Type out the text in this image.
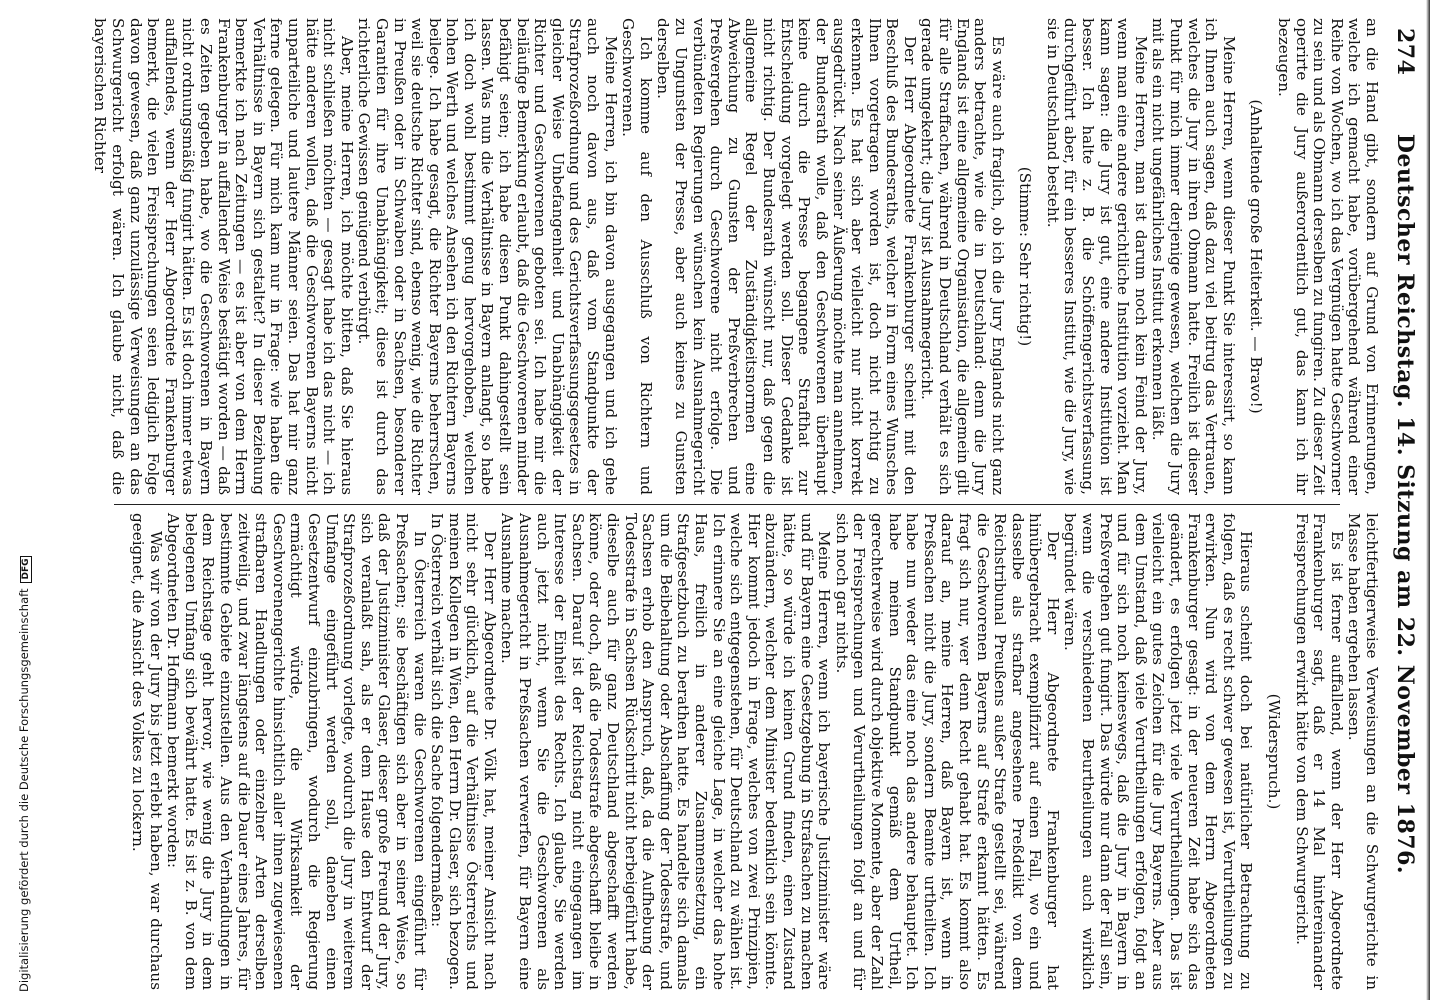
274
Deutscher Reichstag. 14. Sitzung am 22. November 1876.

an die Hand gibt, sondern auf Grund von Erinnerungen, welche ich gemacht habe, vorübergehend während einer Reihe von Wochen, wo ich das Vergnügen hatte Geschworner zu sein und als Obmann derselben zu fungiren. Zu dieser Zeit operirte die Jury außerordentlich gut, das kann ich ihr bezeugen.

(Anhaltende große Heiterkeit. — Bravo!)

Meine Herren, wenn dieser Punkt Sie interessirt, so kann ich Ihnen auch sagen, daß dazu viel beitrug das Vertrauen, welches die Jury in ihren Obmann hatte. Freilich ist dieser Punkt für mich immer derjenige gewesen, welchen die Jury mit als ein nicht ungefährliches Institut erkennen läßt.

Meine Herren, man ist darum noch kein Feind der Jury, wenn man eine andere gerichtliche Institution vorzieht. Man kann sagen: die Jury ist gut, eine andere Institution ist besser. Ich halte z. B. die Schöffengerichtsverfassung, durchgeführt aber, für ein besseres Institut, wie die Jury, wie sie in Deutschland besteht.

(Stimme: Sehr richtig!)

Es wäre auch fraglich, ob ich die Jury Englands nicht ganz anders betrachte, wie die in Deutschland: denn die Jury Englands ist eine allgemeine Organisation, die allgemein gilt für alle Straffachen, während in Deutschland verhält es sich gerade umgekehrt; die Jury ist Ausnahmegericht.

Der Herr Abgeordnete Frankenburger scheint mit den Beschluß des Bundesraths, welcher in Form eines Wunsches Ihnen vorgetragen worden ist, doch nicht richtig zu erkennen. Es hat sich aber vielleicht nur nicht korrekt ausgedrückt. Nach seiner Äußerung möchte man annehmen, der Bundesrath wolle, daß den Geschworenen überhaupt keine durch die Presse begangene Strafthat zur Entscheidung vorgelegt werden soll. Dieser Gedanke ist nicht richtig. Der Bundesrath wünscht nur, daß gegen die allgemeine Regel der Zuständigkeitsnormen eine Abweichung zu Gunsten der Preßverbrechen und Preßvergehen durch Geschworene nicht erfolge. Die verbündeten Regierungen wünschen kein Ausnahmegericht zu Ungunsten der Presse, aber auch keines zu Gunsten derselben.

Ich komme auf den Ausschluß von Richtern und Geschworenen.

Meine Herren, ich bin davon ausgegangen und ich gehe auch noch davon aus, daß vom Standpunkte der Strafprozeßordnung und des Gerichtsverfassungsgesetzes in gleicher Weise Unbefangenheit und Unabhängigkeit der Richter und Geschworenen geboten sei. Ich habe mir die beiläufige Bemerkung erlaubt, daß die Geschworenen minder befähigt seien; ich habe diesen Punkt dahingestellt sein lassen. Was nun die Verhältnisse in Bayern anlangt, so habe ich doch wohl bestimmt genug hervorgehoben, welchen hohen Werth und welches Ansehen ich den Richtern Bayerns beilege. Ich habe gesagt, die Richter Bayerns beherrschen, weil sie deutsche Richter sind, ebenso wenig, wie die Richter in Preußen oder in Schwaben oder in Sachsen, besonderer Garantien für ihre Unabhängigkeit; diese ist durch das richterliche Gewissen genügend verbürgt.

Aber, meine Herren, ich möchte bitten, daß Sie hieraus nicht schließen möchten — gesagt habe ich das nicht — ich hätte anderen wollen, daß die Geschworenen Bayerns nicht unparteiliche und lautere Männer seien. Das hat mir ganz ferne gelegen. Für mich kam nur in Frage: wie haben die Verhältnisse in Bayern sich gestaltet? In dieser Beziehung bemerkte ich nach Zeitungen — es ist aber von dem Herrn Frankenburger in auffallender Weise bestätigt worden — daß es Zeiten gegeben habe, wo die Geschworenen in Bayern nicht ordnungsmäßig fungirt hätten. Es ist doch immer etwas auffallendes, wenn der Herr Abgeordnete Frankenburger bemerkt, die vielen Freisprechungen seien lediglich Folge davon gewesen, daß ganz unzulässige Verweisungen an das Schwurgericht erfolgt wären. Ich glaube nicht, daß die bayerischen Richter

leichtfertigerweise Verweisungen an die Schwurgerichte in Masse haben ergehen lassen.

Es ist ferner auffallend, wenn der Herr Abgeordnete Frankenburger sagt, daß er 14 Mal hintereinander Freisprechungen erwirkt hätte von dem Schwurgericht.

(Widerspruch.)

Hieraus scheint doch bei natürlicher Betrachtung zu folgen, daß es recht schwer gewesen ist, Verurtheilungen zu erwirken. Nun wird von dem Herrn Abgeordneten Frankenburger gesagt: in der neueren Zeit habe sich das geändert, es erfolgen jetzt viele Verurtheilungen. Das ist vielleicht ein gutes Zeichen für die Jury Bayerns. Aber aus dem Umstand, daß viele Verurtheilungen erfolgen, folgt an und für sich noch keineswegs, daß die Jury in Bayern in Preßvergehen gut fungirt. Das würde nur dann der Fall sein, wenn die verschiedenen Beurtheilungen auch wirklich begründet wären.

Der Herr Abgeordnete Frankenburger hat hinübergebracht exemplifizirt auf einen Fall, wo ein und dasselbe als strafbar angesehene Preßdelikt von dem Reichstribunal Preußens außer Strafe gestellt sei, während die Geschworenen Bayerns auf Strafe erkannt hätten. Es fragt sich nur, wer denn Recht gehabt hat. Es kommt also darauf an, meine Herren, daß Bayern ist, wenn in Preßsachen nicht die Jury, sondern Beamte urtheilten. Ich habe nun weder das eine noch das andere behauptet. Ich habe meinen Standpunkt gemäß dem Urtheil, gerechterweise wird durch objektive Momente, aber der Zahl der Freisprechungen und Verurtheilungen folgt an und für sich noch gar nichts.

Meine Herren, wenn ich bayerische Justizminister wäre und für Bayern eine Gesetzgebung in Strafsachen zu machen hätte, so würde ich keinen Grund finden, einen Zustand abzuändern, welcher dem Minister bedenklich sein könnte. Hier kommt jedoch in Frage, welches von zwei Prinzipien, welche sich entgegenstehen, für Deutschland zu wählen ist. Ich erinnere Sie an eine gleiche Lage, in welcher das hohe Haus, freilich in anderer Zusammensetzung, ein Strafgesetzbuch zu berathen hatte. Es handelte sich damals um die Beibehaltung oder Abschaffung der Todesstrafe, und Sachsen erhob den Anspruch, daß, da die Aufhebung der Todesstrafe in Sachsen Rückschritt nicht herbeigeführt habe, dieselbe auch für ganz Deutschland abgeschafft werden könne, oder doch, daß die Todesstrafe abgeschafft bleibe in Sachsen. Darauf ist der Reichstag nicht eingegangen im Interesse der Einheit des Rechts. Ich glaube, Sie werden auch jetzt nicht, wenn Sie die Geschworenen als Ausnahmegericht in Preßsachen verwerfen, für Bayern eine Ausnahme machen.

Der Herr Abgeordnete Dr. Völk hat, meiner Ansicht nach nicht sehr glücklich, auf die Verhältnisse Österreichs und meinen Kollegen in Wien, den Herrn Dr. Glaser, sich bezogen. In Österreich verhält sich die Sache folgendermaßen:

In Österreich waren die Geschworenen eingeführt für Preßsachen; sie beschäftigen sich aber in seiner Weise, so daß der Justizminister Glaser, dieser große Freund der Jury, sich veranlaßt sah, als er dem Hause den Entwurf der Strafprozeßordnung vorlegte, wodurch die Jury in weiterem Umfange eingeführt werden soll, daneben einen Gesetzentwurf einzubringen, wodurch die Regierung ermächtigt würde, die Wirksamkeit der Geschworenengerichte hinsichtlich aller ihnen zugewiesenen strafbaren Handlungen oder einzelner Arten derselben zeitweilig, und zwar längstens auf die Dauer eines Jahres, für bestimmte Gebiete einzustellen. Aus den Verhandlungen in dem Reichstage geht hervor, wie wenig die Jury in dem belegenen Umfang sich bewährt hatte. Es ist z. B. von dem Abgeordneten Dr. Hoffmann bemerkt worden:

Was wir von der Jury bis jetzt erlebt haben, war durchaus geeignet, die Ansicht des Volkes zu lockern.

Digitalisierung gefördert durch die Deutsche ForschungsgemeinschaftDFG
